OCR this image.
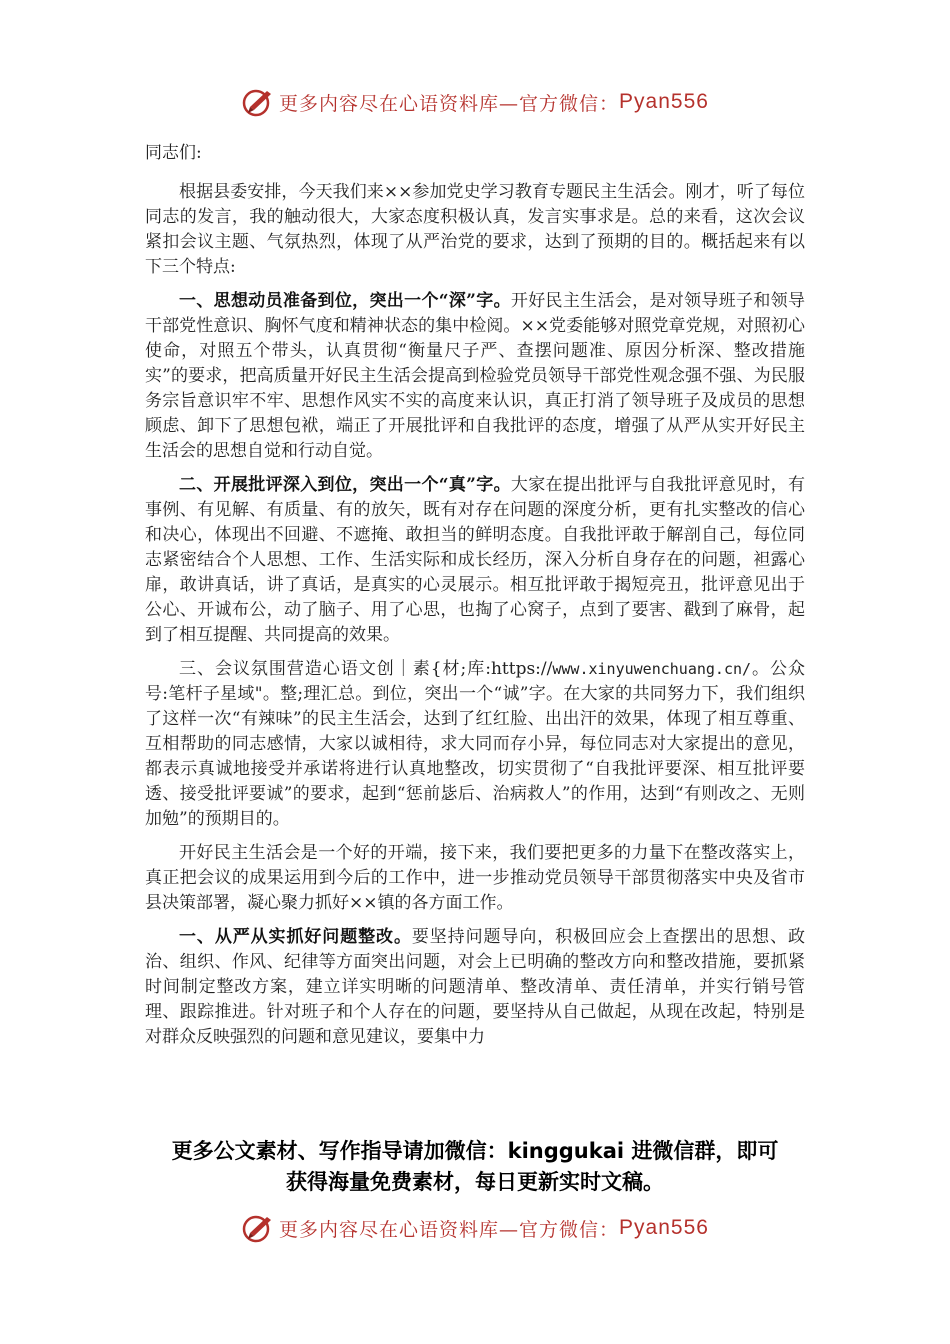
更多内容尽在心语资料库—官方微信： Pyan556

同志们:

根据县委安排，今天我们来××参加党史学习教育专题民主生活会。刚才，听了每位同志的发言，我的触动很大，大家态度积极认真，发言实事求是。总的来看，这次会议紧扣会议主题、气氛热烈，体现了从严治党的要求，达到了预期的目的。概括起来有以下三个特点:

一、思想动员准备到位，突出一个“深”字。开好民主生活会，是对领导班子和领导干部党性意识、胸怀气度和精神状态的集中检阅。××党委能够对照党章党规，对照初心使命，对照五个带头，认真贯彻“衡量尺子严、查摆问题准、原因分析深、整改措施实”的要求，把高质量开好民主生活会提高到检验党员领导干部党性观念强不强、为民服务宗旨意识牢不牢、思想作风实不实的高度来认识，真正打消了领导班子及成员的思想顾虑、卸下了思想包袱，端正了开展批评和自我批评的态度，增强了从严从实开好民主生活会的思想自觉和行动自觉。

二、开展批评深入到位，突出一个“真”字。大家在提出批评与自我批评意见时，有事例、有见解、有质量、有的放矢，既有对存在问题的深度分析，更有扎实整改的信心和决心，体现出不回避、不遮掩、敢担当的鲜明态度。自我批评敢于解剖自己，每位同志紧密结合个人思想、工作、生活实际和成长经历，深入分析自身存在的问题，袒露心扉，敢讲真话，讲了真话，是真实的心灵展示。相互批评敢于揭短亮丑，批评意见出于公心、开诚布公，动了脑子、用了心思，也掏了心窝子，点到了要害、戳到了麻骨，起到了相互提醒、共同提高的效果。

三、会议氛围营造心语文创｜素{材;库:https://www.xinyuwenchuang.cn/。公众号:笔杆子星域"。整;理汇总。到位，突出一个“诚”字。在大家的共同努力下，我们组织了这样一次“有辣味”的民主生活会，达到了红红脸、出出汗的效果，体现了相互尊重、互相帮助的同志感情，大家以诚相待，求大同而存小异，每位同志对大家提出的意见，都表示真诚地接受并承诺将进行认真地整改，切实贯彻了“自我批评要深、相互批评要透、接受批评要诚”的要求，起到“惩前毖后、治病救人”的作用，达到“有则改之、无则加勉”的预期目的。

开好民主生活会是一个好的开端，接下来，我们要把更多的力量下在整改落实上，真正把会议的成果运用到今后的工作中，进一步推动党员领导干部贯彻落实中央及省市县决策部署，凝心聚力抓好××镇的各方面工作。

一、从严从实抓好问题整改。要坚持问题导向，积极回应会上查摆出的思想、政治、组织、作风、纪律等方面突出问题，对会上已明确的整改方向和整改措施，要抓紧时间制定整改方案，建立详实明晰的问题清单、整改清单、责任清单，并实行销号管理、跟踪推进。针对班子和个人存在的问题，要坚持从自己做起，从现在改起，特别是对群众反映强烈的问题和意见建议，要集中力

更多公文素材、写作指导请加微信：kinggukai 进微信群，即可
获得海量免费素材，每日更新实时文稿。
更多内容尽在心语资料库—官方微信： Pyan556
